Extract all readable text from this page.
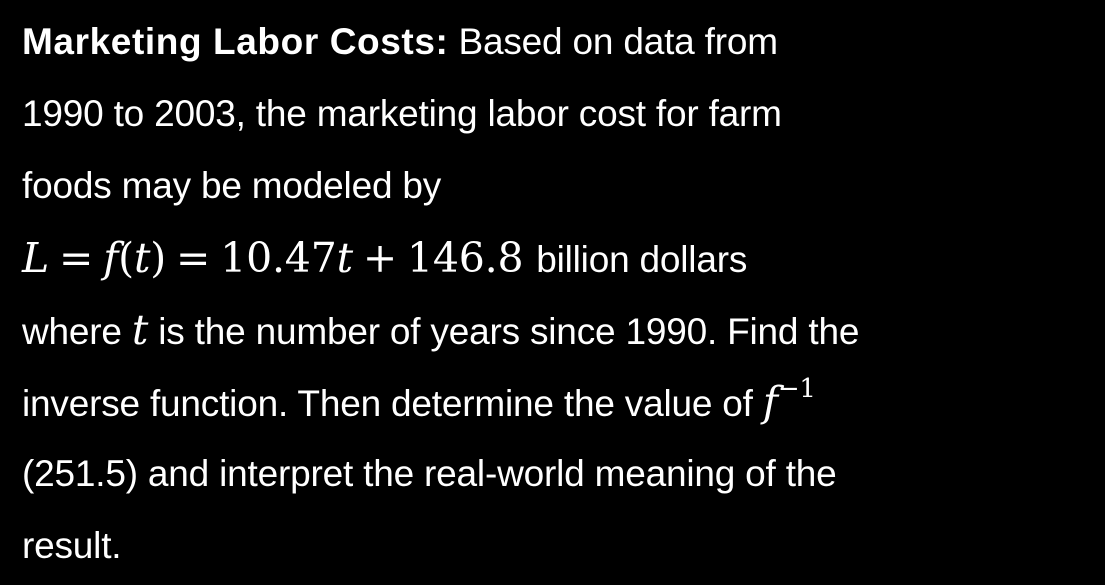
Marketing Labor Costs: Based on data from
1990 to 2003, the marketing labor cost for farm
foods may be modeled by
L = f(t) = 10.47t + 146.8 billion dollars
where t is the number of years since 1990. Find the
inverse function. Then determine the value of $f^{-1}$
(251.5) and interpret the real-world meaning of the
result.
